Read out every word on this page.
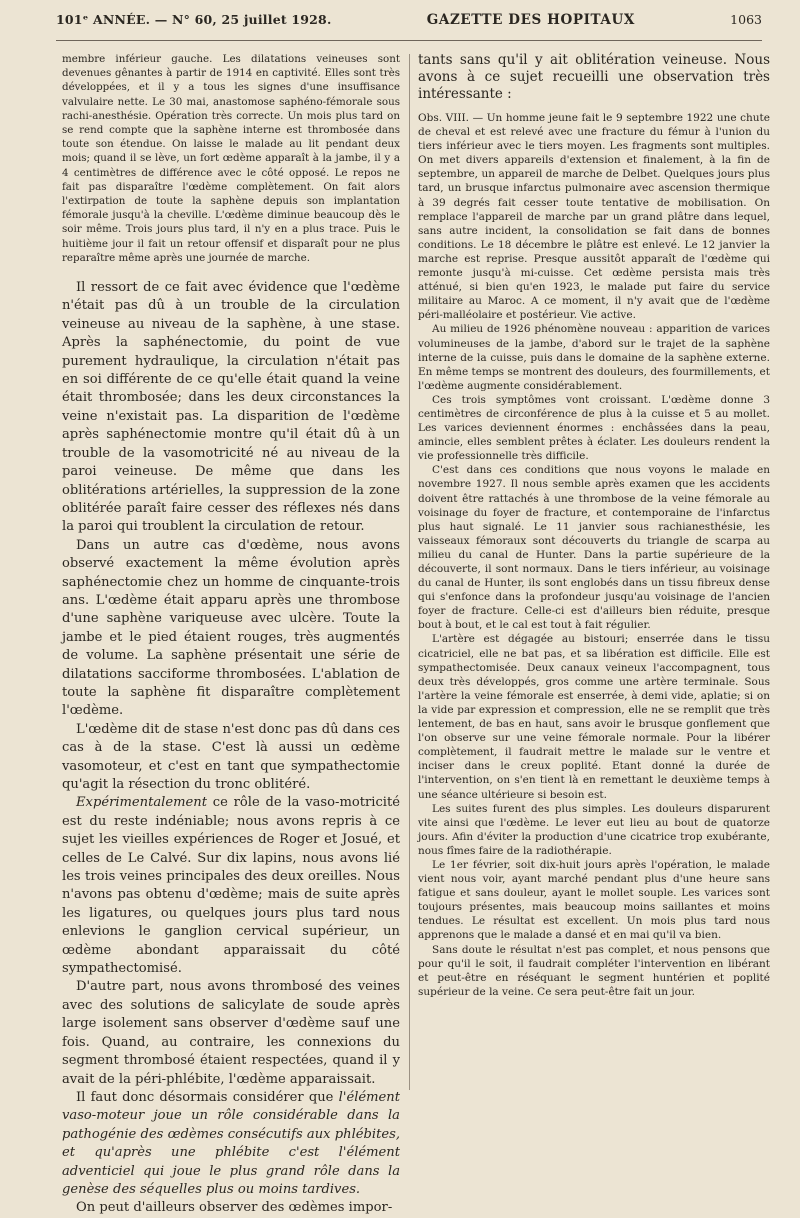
101ᵉ ANNÉE. — N° 60, 25 juillet 1928.	GAZETTE DES HOPITAUX	1063

membre inférieur gauche. Les dilatations veineuses sont devenues gênantes à partir de 1914 en captivité. Elles sont très développées, et il y a tous les signes d'une insuffisance valvulaire nette. Le 30 mai, anastomose saphéno-fémorale sous rachi-anesthésie. Opération très correcte. Un mois plus tard on se rend compte que la saphène interne est thrombosée dans toute son étendue. On laisse le malade au lit pendant deux mois; quand il se lève, un fort œdème apparaît à la jambe, il y a 4 centimètres de différence avec le côté opposé. Le repos ne fait pas disparaître l'œdème complètement. On fait alors l'extirpation de toute la saphène depuis son implantation fémorale jusqu'à la cheville. L'œdème diminue beaucoup dès le soir même. Trois jours plus tard, il n'y en a plus trace. Puis le huitième jour il fait un retour offensif et disparaît pour ne plus reparaître même après une journée de marche.

Il ressort de ce fait avec évidence que l'œdème n'était pas dû à un trouble de la circulation veineuse au niveau de la saphène, à une stase. Après la saphénectomie, du point de vue purement hydraulique, la circulation n'était pas en soi différente de ce qu'elle était quand la veine était thrombosée; dans les deux circonstances la veine n'existait pas. La disparition de l'œdème après saphénectomie montre qu'il était dû à un trouble de la vasomotricité né au niveau de la paroi veineuse. De même que dans les oblitérations artérielles, la suppression de la zone oblitérée paraît faire cesser des réflexes nés dans la paroi qui troublent la circulation de retour.

Dans un autre cas d'œdème, nous avons observé exactement la même évolution après saphénectomie chez un homme de cinquante-trois ans. L'œdème était apparu après une thrombose d'une saphène variqueuse avec ulcère. Toute la jambe et le pied étaient rouges, très augmentés de volume. La saphène présentait une série de dilatations sacciforme thrombosées. L'ablation de toute la saphène fit disparaître complètement l'œdème.

L'œdème dit de stase n'est donc pas dû dans ces cas à de la stase. C'est là aussi un œdème vasomoteur, et c'est en tant que sympathectomie qu'agit la résection du tronc oblitéré.

Expérimentalement ce rôle de la vaso-motricité est du reste indéniable; nous avons repris à ce sujet les vieilles expériences de Roger et Josué, et celles de Le Calvé. Sur dix lapins, nous avons lié les trois veines principales des deux oreilles. Nous n'avons pas obtenu d'œdème; mais de suite après les ligatures, ou quelques jours plus tard nous enlevions le ganglion cervical supérieur, un œdème abondant apparaissait du côté sympathectomisé.

D'autre part, nous avons thrombosé des veines avec des solutions de salicylate de soude après large isolement sans observer d'œdème sauf une fois. Quand, au contraire, les connexions du segment thrombosé étaient respectées, quand il y avait de la péri-phlébite, l'œdème apparaissait.

Il faut donc désormais considérer que l'élément vaso-moteur joue un rôle considérable dans la pathogénie des œdèmes consécutifs aux phlébites, et qu'après une phlébite c'est l'élément adventiciel qui joue le plus grand rôle dans la genèse des séquelles plus ou moins tardives.

On peut d'ailleurs observer des œdèmes impor-

tants sans qu'il y ait oblitération veineuse. Nous avons à ce sujet recueilli une observation très intéressante :

Obs. VIII. — Un homme jeune fait le 9 septembre 1922 une chute de cheval et est relevé avec une fracture du fémur à l'union du tiers inférieur avec le tiers moyen. Les fragments sont multiples. On met divers appareils d'extension et finalement, à la fin de septembre, un appareil de marche de Delbet. Quelques jours plus tard, un brusque infarctus pulmonaire avec ascension thermique à 39 degrés fait cesser toute tentative de mobilisation. On remplace l'appareil de marche par un grand plâtre dans lequel, sans autre incident, la consolidation se fait dans de bonnes conditions. Le 18 décembre le plâtre est enlevé. Le 12 janvier la marche est reprise. Presque aussitôt apparaît de l'œdème qui remonte jusqu'à mi-cuisse. Cet œdème persista mais très atténué, si bien qu'en 1923, le malade put faire du service militaire au Maroc. A ce moment, il n'y avait que de l'œdème péri-malléolaire et postérieur. Vie active.

Au milieu de 1926 phénomène nouveau : apparition de varices volumineuses de la jambe, d'abord sur le trajet de la saphène interne de la cuisse, puis dans le domaine de la saphène externe. En même temps se montrent des douleurs, des fourmillements, et l'œdème augmente considérablement.

Ces trois symptômes vont croissant. L'œdème donne 3 centimètres de circonférence de plus à la cuisse et 5 au mollet. Les varices deviennent énormes : enchâssées dans la peau, amincie, elles semblent prêtes à éclater. Les douleurs rendent la vie professionnelle très difficile.

C'est dans ces conditions que nous voyons le malade en novembre 1927. Il nous semble après examen que les accidents doivent être rattachés à une thrombose de la veine fémorale au voisinage du foyer de fracture, et contemporaine de l'infarctus plus haut signalé. Le 11 janvier sous rachianesthésie, les vaisseaux fémoraux sont découverts du triangle de scarpa au milieu du canal de Hunter. Dans la partie supérieure de la découverte, il sont normaux. Dans le tiers inférieur, au voisinage du canal de Hunter, ils sont englobés dans un tissu fibreux dense qui s'enfonce dans la profondeur jusqu'au voisinage de l'ancien foyer de fracture. Celle-ci est d'ailleurs bien réduite, presque bout à bout, et le cal est tout à fait régulier.

L'artère est dégagée au bistouri; enserrée dans le tissu cicatriciel, elle ne bat pas, et sa libération est difficile. Elle est sympathectomisée. Deux canaux veineux l'accompagnent, tous deux très développés, gros comme une artère terminale. Sous l'artère la veine fémorale est enserrée, à demi vide, aplatie; si on la vide par expression et compression, elle ne se remplit que très lentement, de bas en haut, sans avoir le brusque gonflement que l'on observe sur une veine fémorale normale. Pour la libérer complètement, il faudrait mettre le malade sur le ventre et inciser dans le creux poplité. Etant donné la durée de l'intervention, on s'en tient là en remettant le deuxième temps à une séance ultérieure si besoin est.

Les suites furent des plus simples. Les douleurs disparurent vite ainsi que l'œdème. Le lever eut lieu au bout de quatorze jours. Afin d'éviter la production d'une cicatrice trop exubérante, nous fîmes faire de la radiothérapie.

Le 1er février, soit dix-huit jours après l'opération, le malade vient nous voir, ayant marché pendant plus d'une heure sans fatigue et sans douleur, ayant le mollet souple. Les varices sont toujours présentes, mais beaucoup moins saillantes et moins tendues. Le résultat est excellent. Un mois plus tard nous apprenons que le malade a dansé et en mai qu'il va bien.

Sans doute le résultat n'est pas complet, et nous pensons que pour qu'il le soit, il faudrait compléter l'intervention en libérant et peut-être en réséquant le segment huntérien et poplité supérieur de la veine. Ce sera peut-être fait un jour.
